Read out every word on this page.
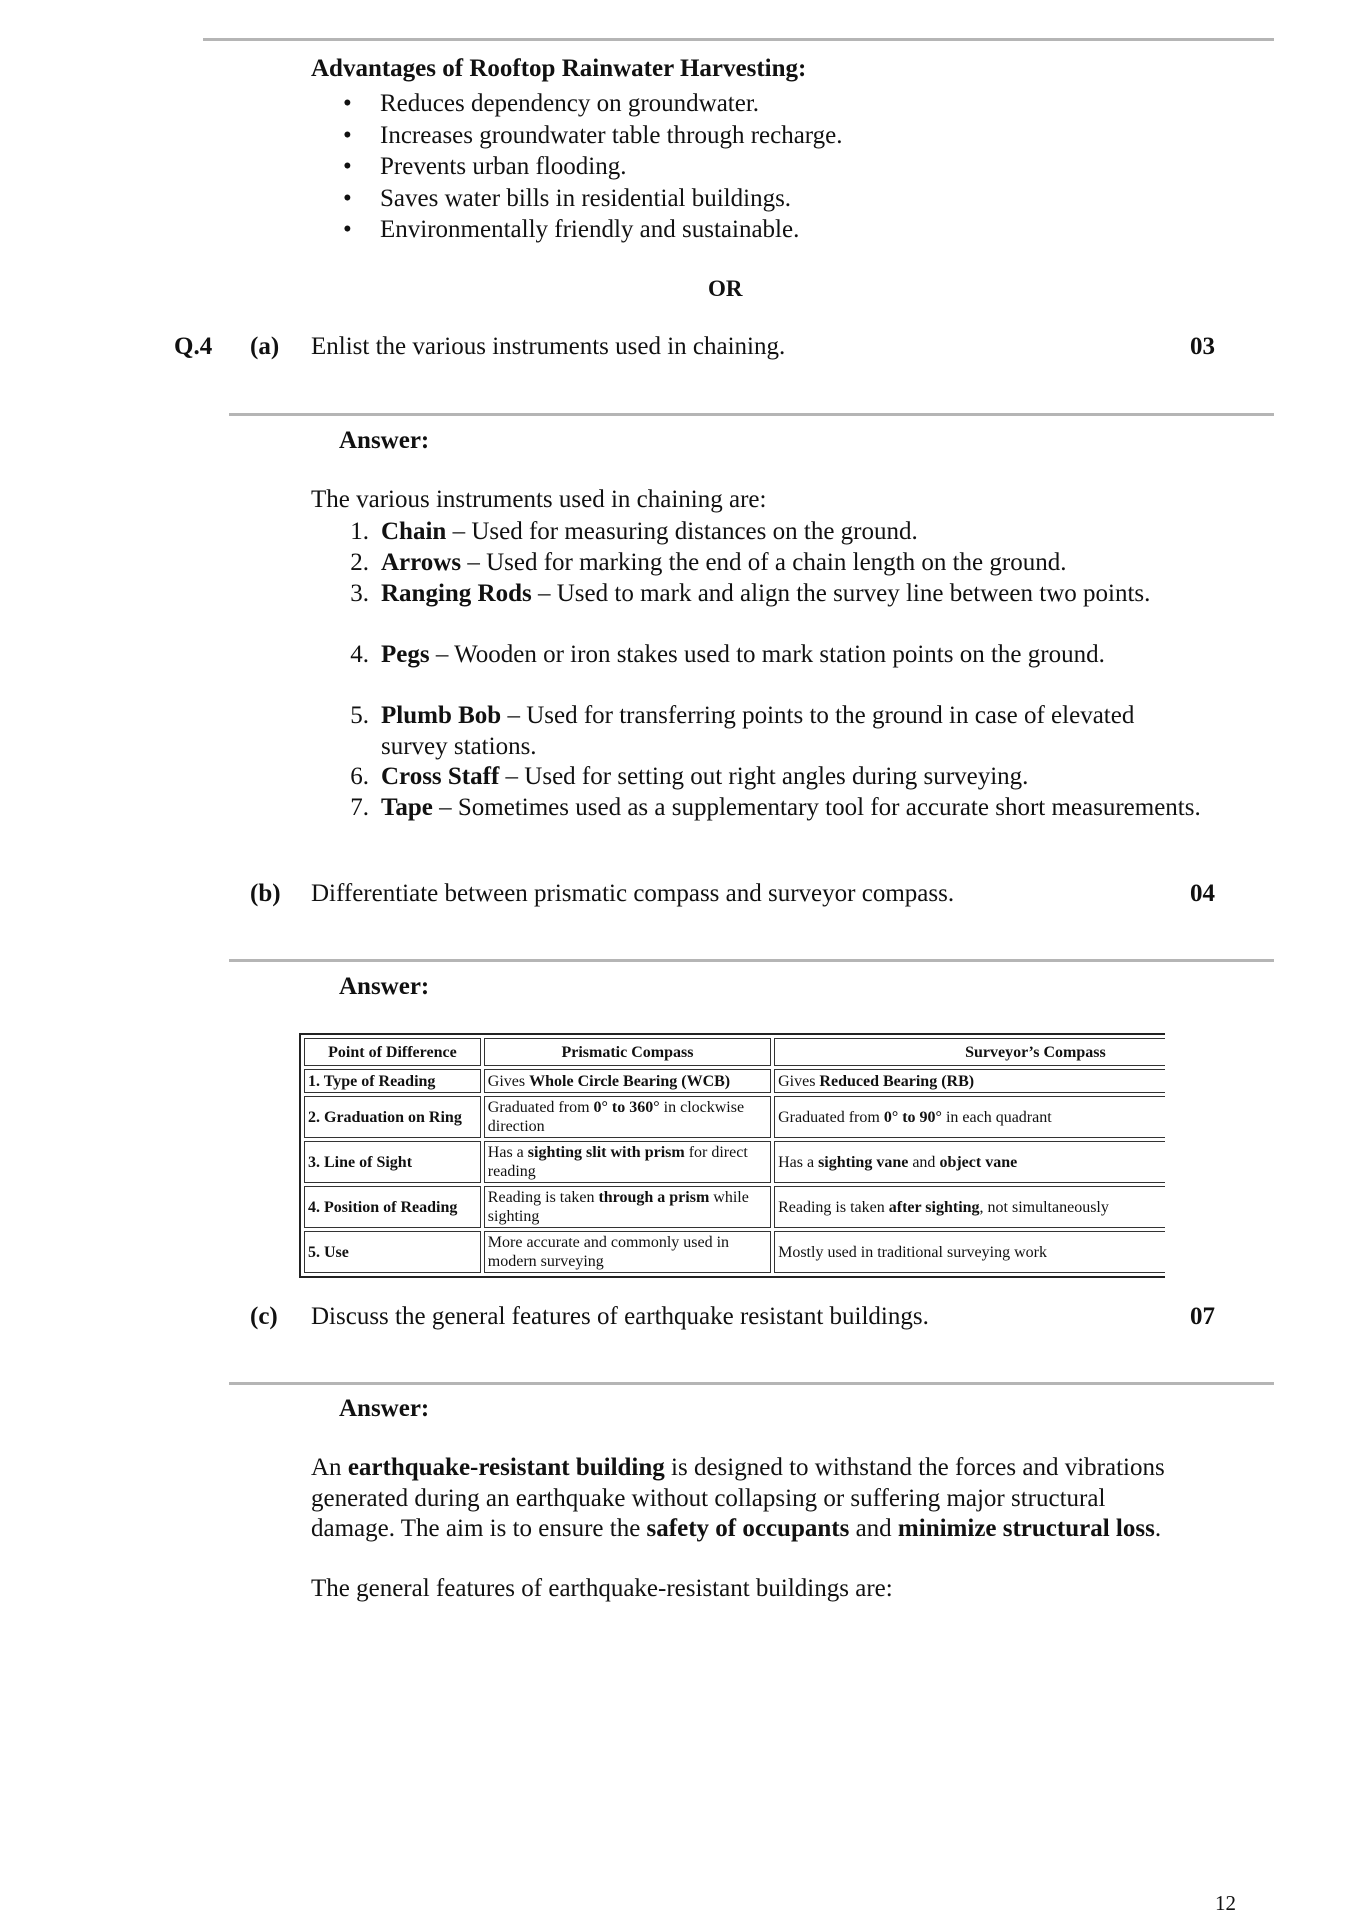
Advantages of Rooftop Rainwater Harvesting:
• Reduces dependency on groundwater.
• Increases groundwater table through recharge.
• Prevents urban flooding.
• Saves water bills in residential buildings.
• Environmentally friendly and sustainable.
OR
Q.4 (a) Enlist the various instruments used in chaining.	03
Answer:
The various instruments used in chaining are:
1. Chain – Used for measuring distances on the ground.
2. Arrows – Used for marking the end of a chain length on the ground.
3. Ranging Rods – Used to mark and align the survey line between two points.
4. Pegs – Wooden or iron stakes used to mark station points on the ground.
5. Plumb Bob – Used for transferring points to the ground in case of elevated survey stations.
6. Cross Staff – Used for setting out right angles during surveying.
7. Tape – Sometimes used as a supplementary tool for accurate short measurements.
(b) Differentiate between prismatic compass and surveyor compass.	04
Answer:
Point of Difference	Prismatic Compass	Surveyor’s Compass
1. Type of Reading	Gives Whole Circle Bearing (WCB)	Gives Reduced Bearing (RB)
2. Graduation on Ring	Graduated from 0° to 360° in clockwise direction	Graduated from 0° to 90° in each quadrant
3. Line of Sight	Has a sighting slit with prism for direct reading	Has a sighting vane and object vane
4. Position of Reading	Reading is taken through a prism while sighting	Reading is taken after sighting, not simultaneously
5. Use	More accurate and commonly used in modern surveying	Mostly used in traditional surveying work
(c) Discuss the general features of earthquake resistant buildings.	07
Answer:
An earthquake-resistant building is designed to withstand the forces and vibrations generated during an earthquake without collapsing or suffering major structural damage. The aim is to ensure the safety of occupants and minimize structural loss.
The general features of earthquake-resistant buildings are:
12
